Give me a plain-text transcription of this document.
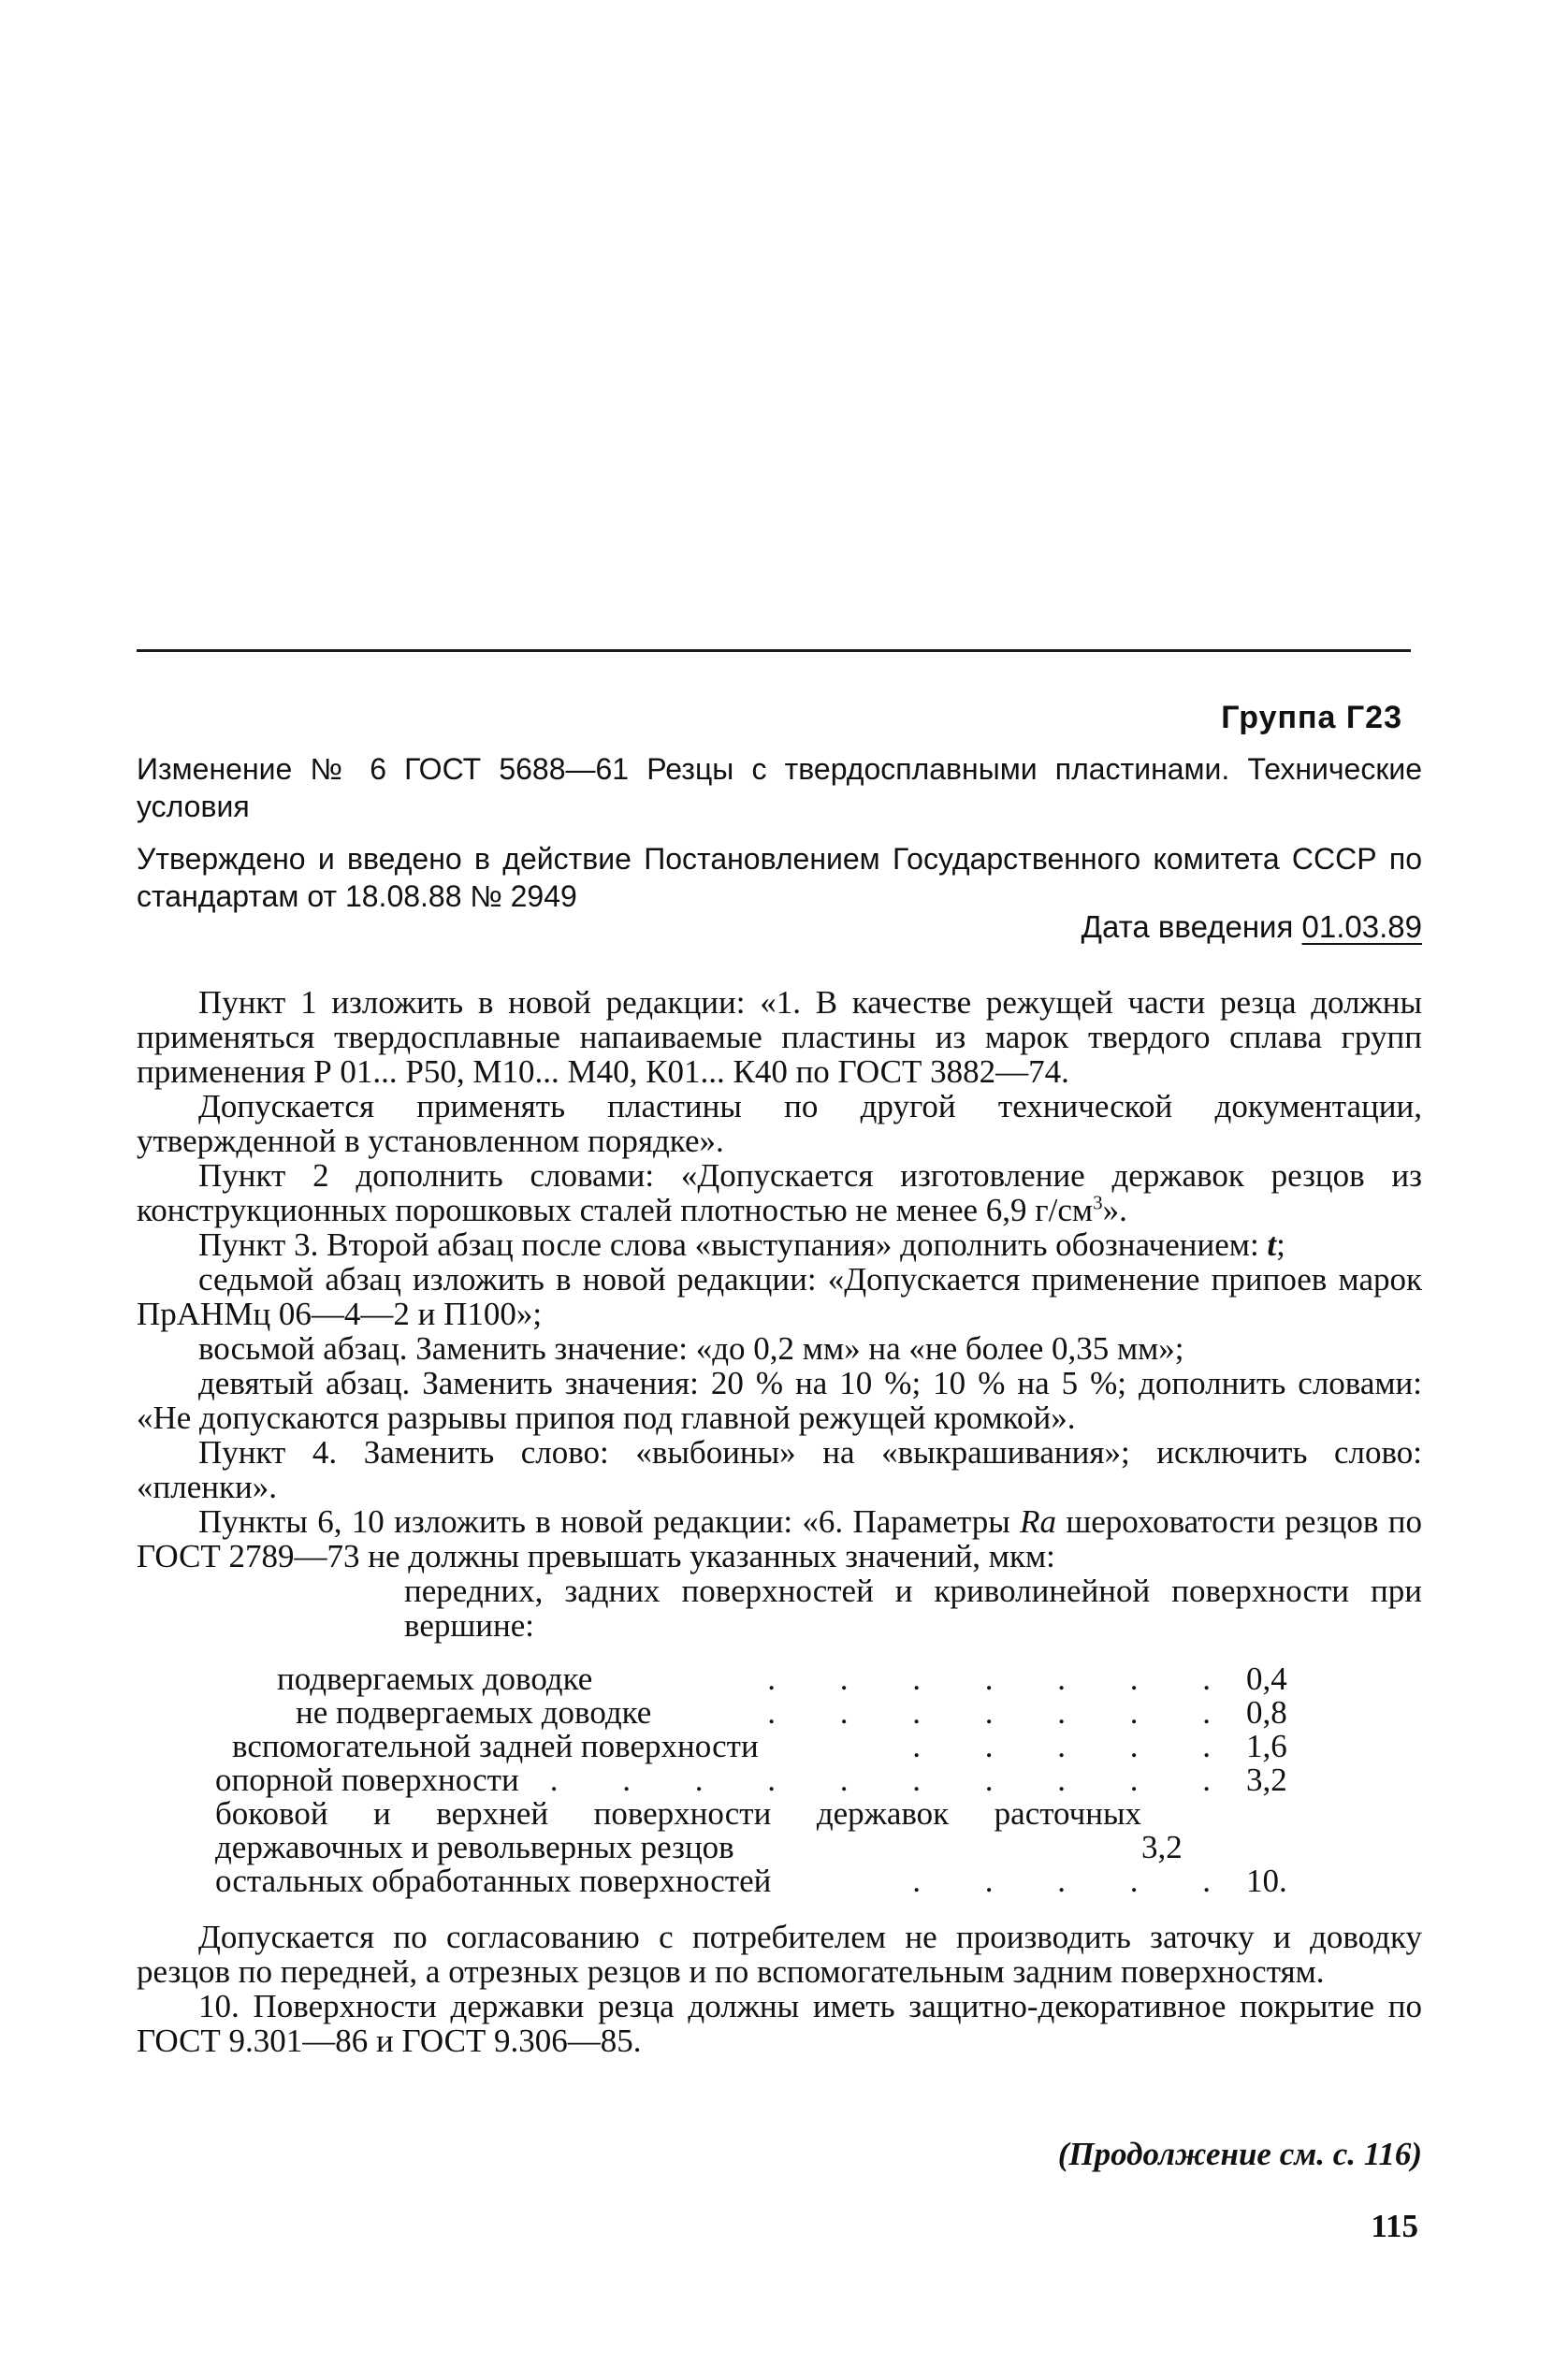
Группа Г23
Изменение № 6 ГОСТ 5688—61 Резцы с твердосплавными пластинами. Технические условия
Утверждено и введено в действие Постановлением Государственного комитета СССР по стандартам от 18.08.88 № 2949
Дата введения 01.03.89

Пункт 1 изложить в новой редакции: «1. В качестве режущей части резца должны применяться твердосплавные напаиваемые пластины из марок твердого сплава групп применения Р 01... Р50, М10... М40, К01... К40 по ГОСТ 3882—74.

Допускается применять пластины по другой технической документации, утвержденной в установленном порядке».

Пункт 2 дополнить словами: «Допускается изготовление державок резцов из конструкционных порошковых сталей плотностью не менее 6,9 $г/см^3$».

Пункт 3. Второй абзац после слова «выступания» дополнить обозначением: t;

седьмой абзац изложить в новой редакции: «Допускается применение припоев марок ПрАНМц 06—4—2 и П100»;

восьмой абзац. Заменить значение: «до 0,2 мм» на «не более 0,35 мм»;

девятый абзац. Заменить значения: 20 % на 10 %; 10 % на 5 %; дополнить словами: «Не допускаются разрывы припоя под главной режущей кромкой».

Пункт 4. Заменить слово: «выбоины» на «выкрашивания»; исключить слово: «пленки».

Пункты 6, 10 изложить в новой редакции: «6. Параметры Ra шероховатости резцов по ГОСТ 2789—73 не должны превышать указанных значений, мкм:

передних, задних поверхностей и криволинейной поверхности при вершине:

подвергаемых доводке	. . . . . . . 0,4
не подвергаемых доводке	. . . . . . . 0,8
вспомогательной задней поверхности	. . . . . 1,6
опорной поверхности . . . . . . . . . . 3,2
боковой и верхней поверхности державок расточных державочных и револьверных резцов	3,2
остальных обработанных поверхностей	. . . . . 10.

Допускается по согласованию с потребителем не производить заточку и доводку резцов по передней, а отрезных резцов и по вспомогательным задним поверхностям.

10. Поверхности державки резца должны иметь защитно-декоративное покрытие по ГОСТ 9.301—86 и ГОСТ 9.306—85.

(Продолжение см. с. 116)
115
